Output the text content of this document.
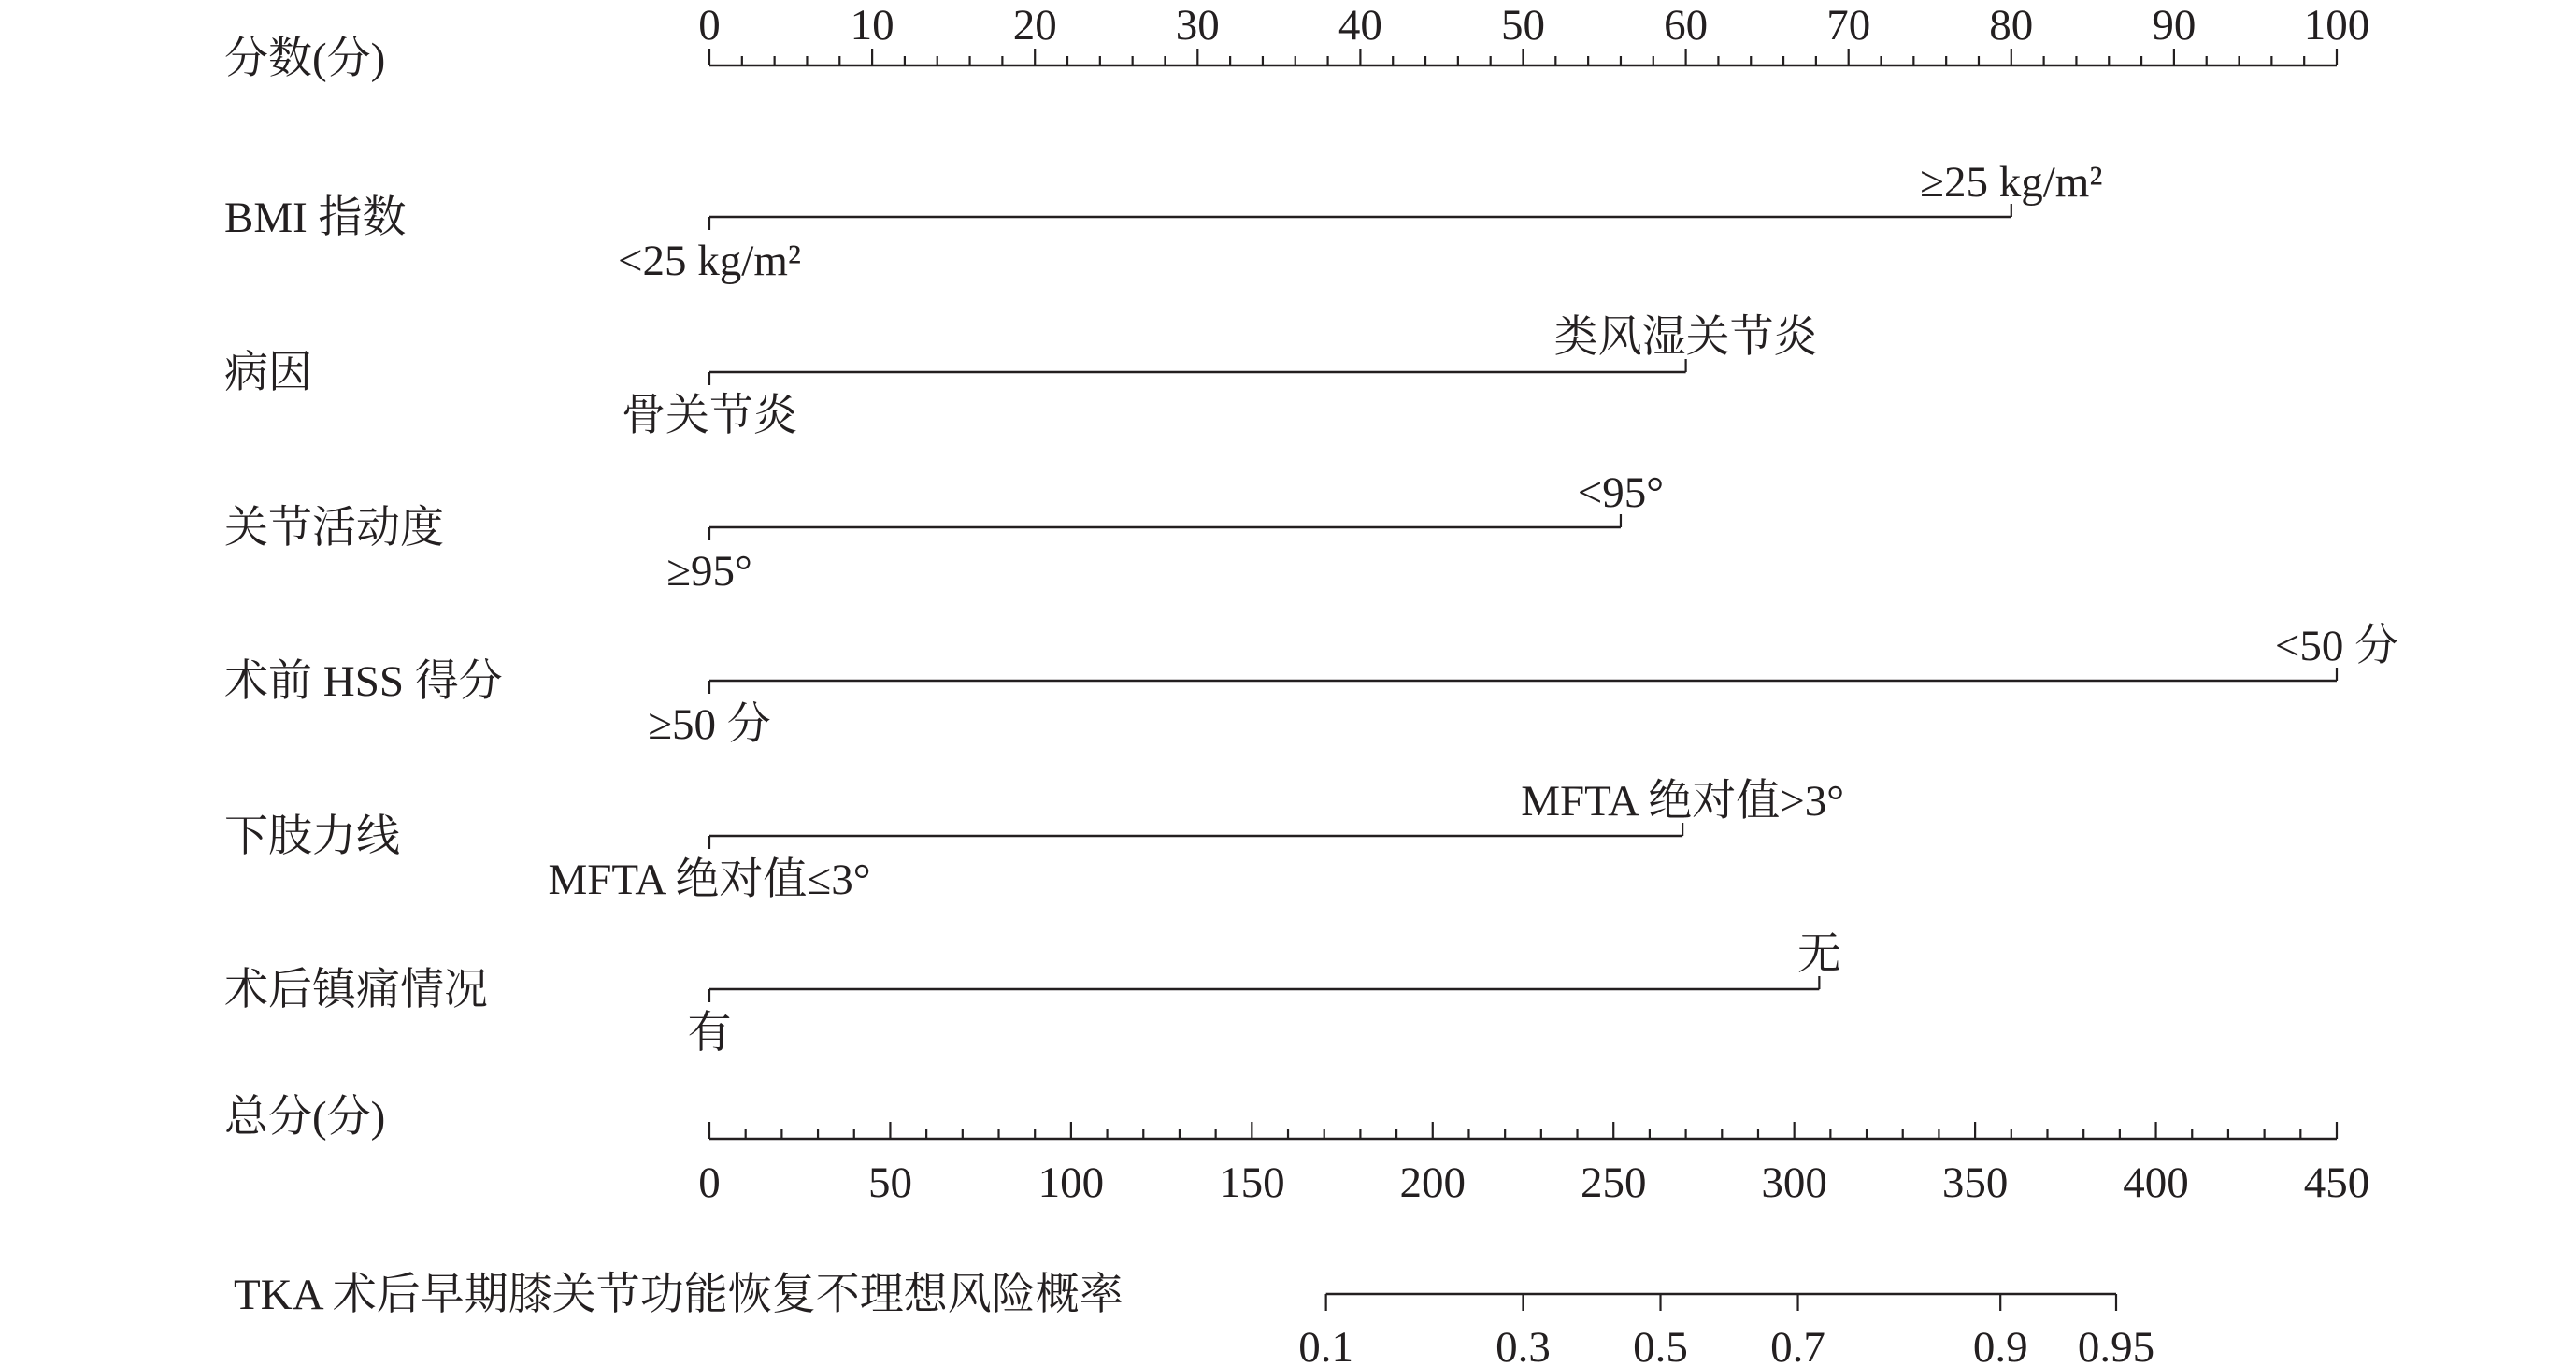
分数(分)
0	10	20	30	40	50	60	70	80	90 100
总分(分)
0	50	100	150	200	250	300	350	400	450
TKA 术后早期膝关节功能恢复不理想风险概率
0.1	0.3 0.5 0.7	0.9 0.95
BMI 指数
<25 kg/m²
≥25 kg/m²
病因
骨关节炎
类风湿关节炎
关节活动度
≥95°
<95°
术前 HSS 得分
≥50 分
<50 分
下肢力线
MFTA 绝对值≤3°
MFTA 绝对值>3°
术后镇痛情况
有
无
